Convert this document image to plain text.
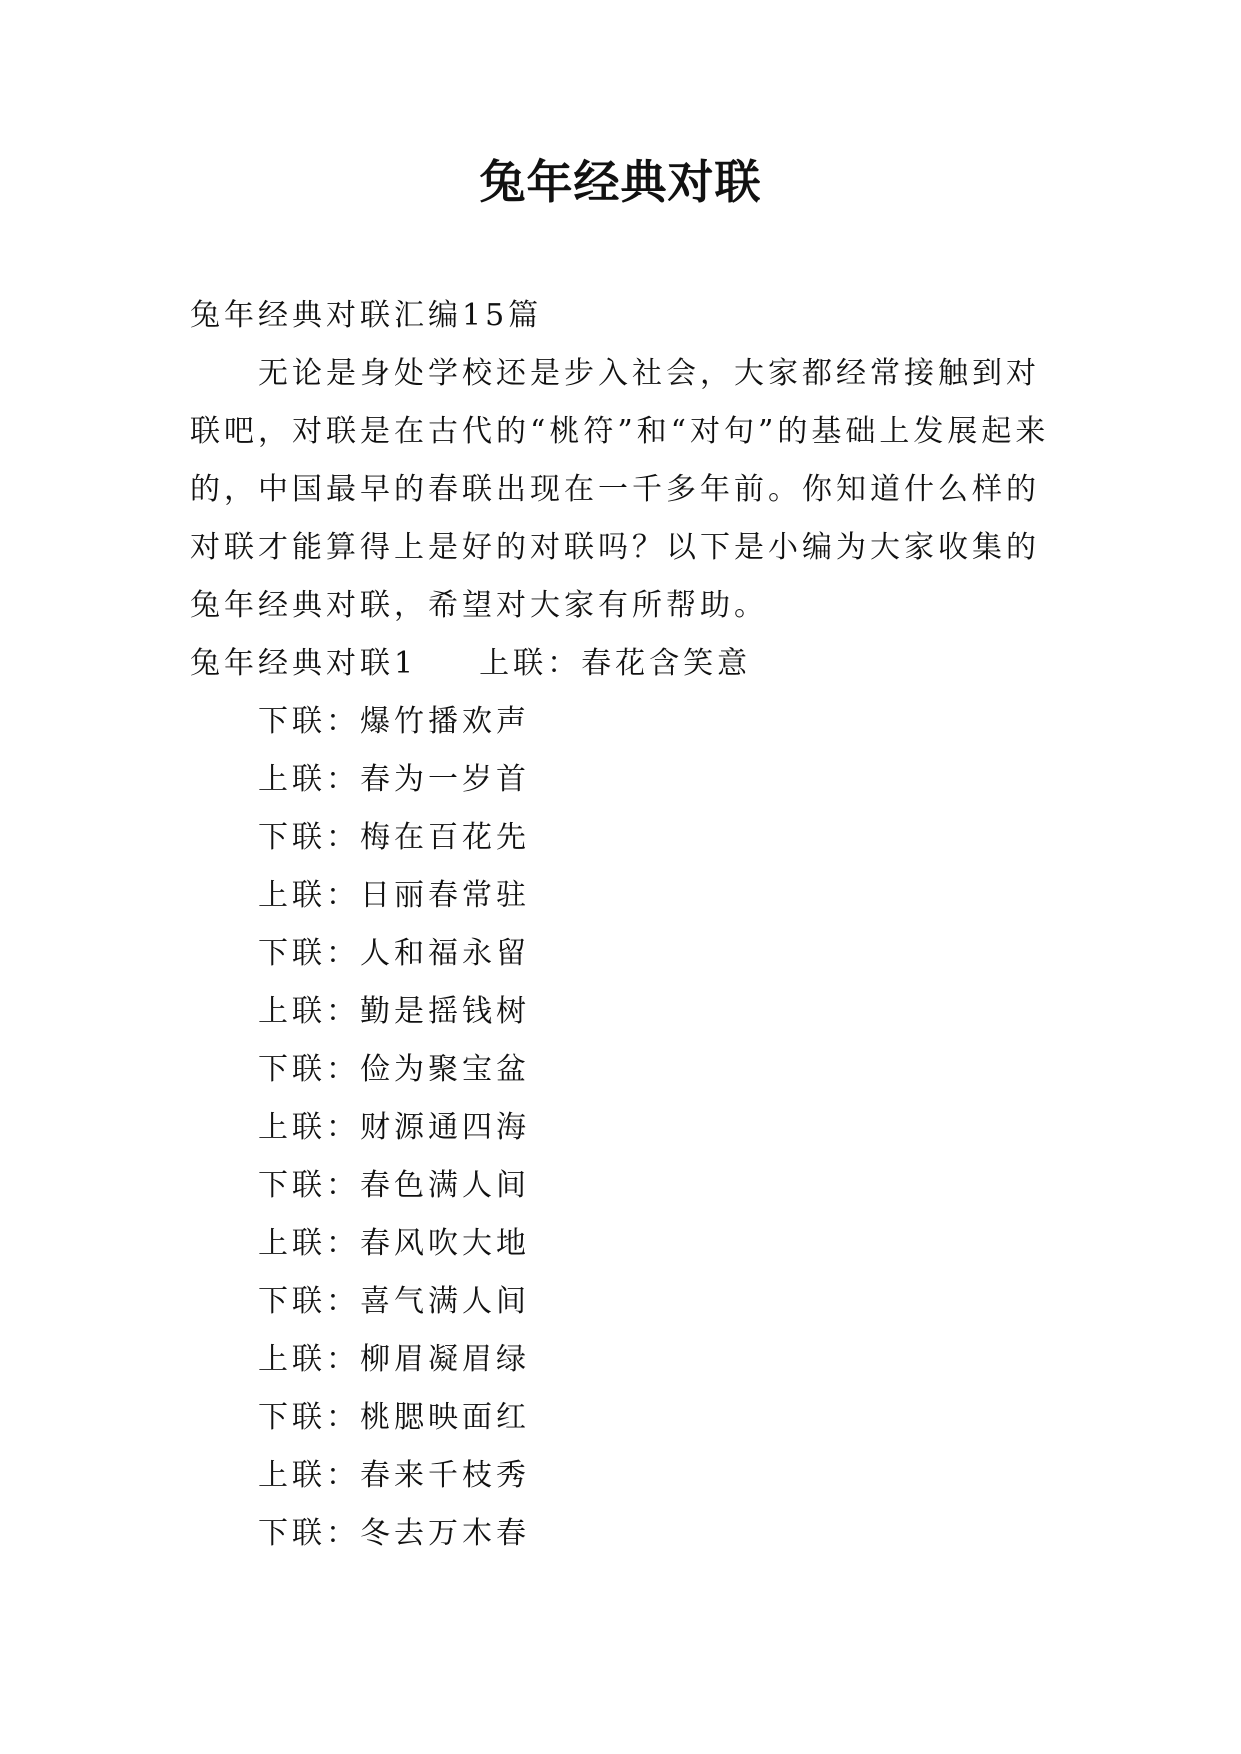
兔年经典对联
兔年经典对联汇编15篇

无论是身处学校还是步入社会，大家都经常接触到对联吧，对联是在古代的“桃符”和“对句”的基础上发展起来的，中国最早的春联出现在一千多年前。你知道什么样的对联才能算得上是好的对联吗？以下是小编为大家收集的兔年经典对联，希望对大家有所帮助。

兔年经典对联1 上联：春花含笑意
下联：爆竹播欢声
上联：春为一岁首
下联：梅在百花先
上联：日丽春常驻
下联：人和福永留
上联：勤是摇钱树
下联：俭为聚宝盆
上联：财源通四海
下联：春色满人间
上联：春风吹大地
下联：喜气满人间
上联：柳眉凝眉绿
下联：桃腮映面红
上联：春来千枝秀
下联：冬去万木春
